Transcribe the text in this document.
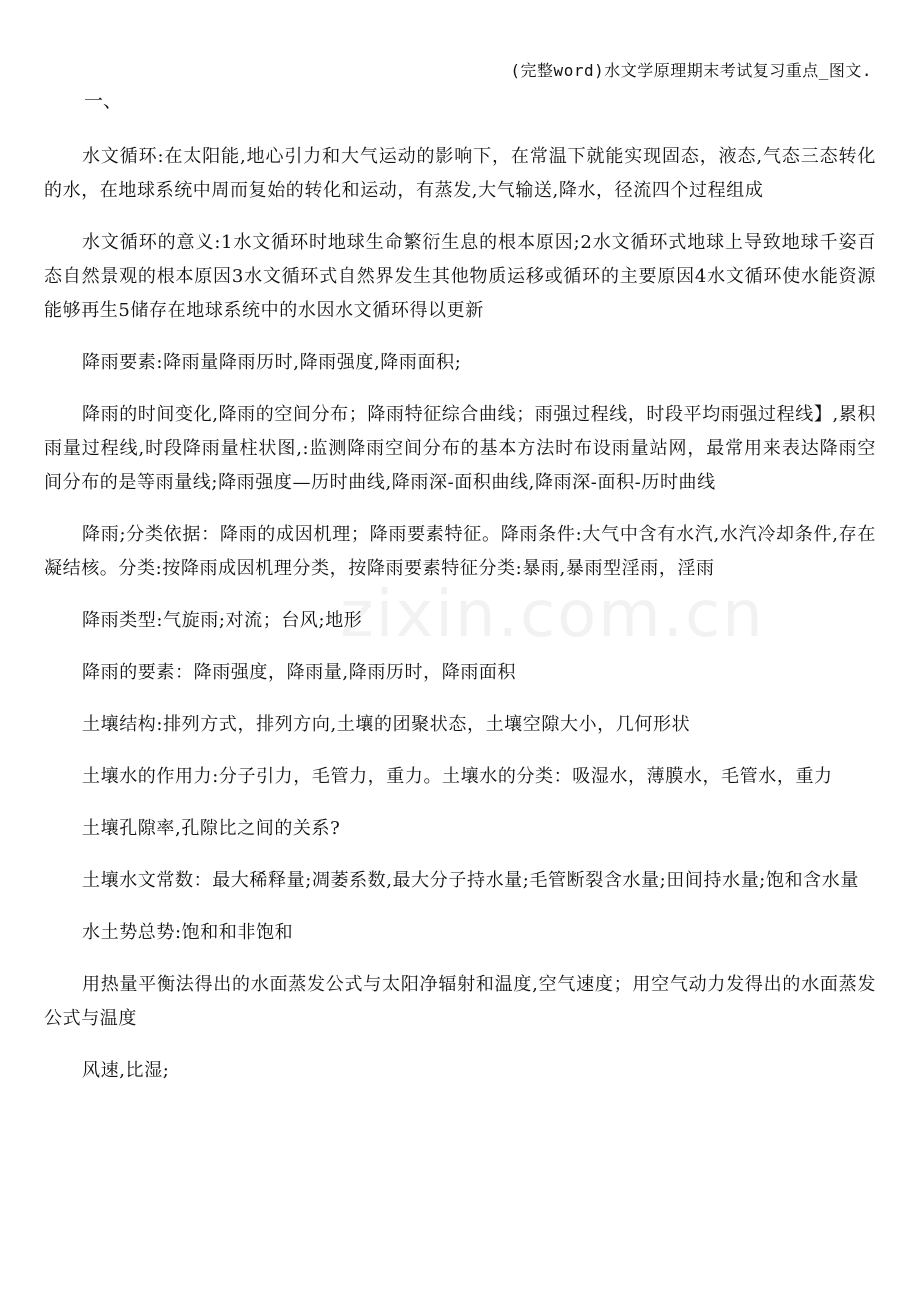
(完整word)水文学原理期末考试复习重点_图文.
一、
zixin.com.cn

水文循环:在太阳能,地心引力和大气运动的影响下，在常温下就能实现固态，液态,气态三态转化的水，在地球系统中周而复始的转化和运动，有蒸发,大气输送,降水，径流四个过程组成

水文循环的意义:1水文循环时地球生命繁衍生息的根本原因;2水文循环式地球上导致地球千姿百态自然景观的根本原因3水文循环式自然界发生其他物质运移或循环的主要原因4水文循环使水能资源能够再生5储存在地球系统中的水因水文循环得以更新

降雨要素:降雨量降雨历时,降雨强度,降雨面积;

降雨的时间变化,降雨的空间分布；降雨特征综合曲线；雨强过程线，时段平均雨强过程线】,累积雨量过程线,时段降雨量柱状图,:监测降雨空间分布的基本方法时布设雨量站网，最常用来表达降雨空间分布的是等雨量线;降雨强度—历时曲线,降雨深-面积曲线,降雨深-面积-历时曲线

降雨;分类依据：降雨的成因机理；降雨要素特征。降雨条件:大气中含有水汽,水汽冷却条件,存在凝结核。分类:按降雨成因机理分类，按降雨要素特征分类:暴雨,暴雨型淫雨，淫雨

降雨类型:气旋雨;对流；台风;地形

降雨的要素：降雨强度，降雨量,降雨历时，降雨面积

土壤结构:排列方式，排列方向,土壤的团聚状态，土壤空隙大小，几何形状

土壤水的作用力:分子引力，毛管力，重力。土壤水的分类：吸湿水，薄膜水，毛管水，重力

土壤孔隙率,孔隙比之间的关系?

土壤水文常数：最大稀释量;凋萎系数,最大分子持水量;毛管断裂含水量;田间持水量;饱和含水量

水土势总势:饱和和非饱和

用热量平衡法得出的水面蒸发公式与太阳净辐射和温度,空气速度；用空气动力发得出的水面蒸发公式与温度

风速,比湿;
